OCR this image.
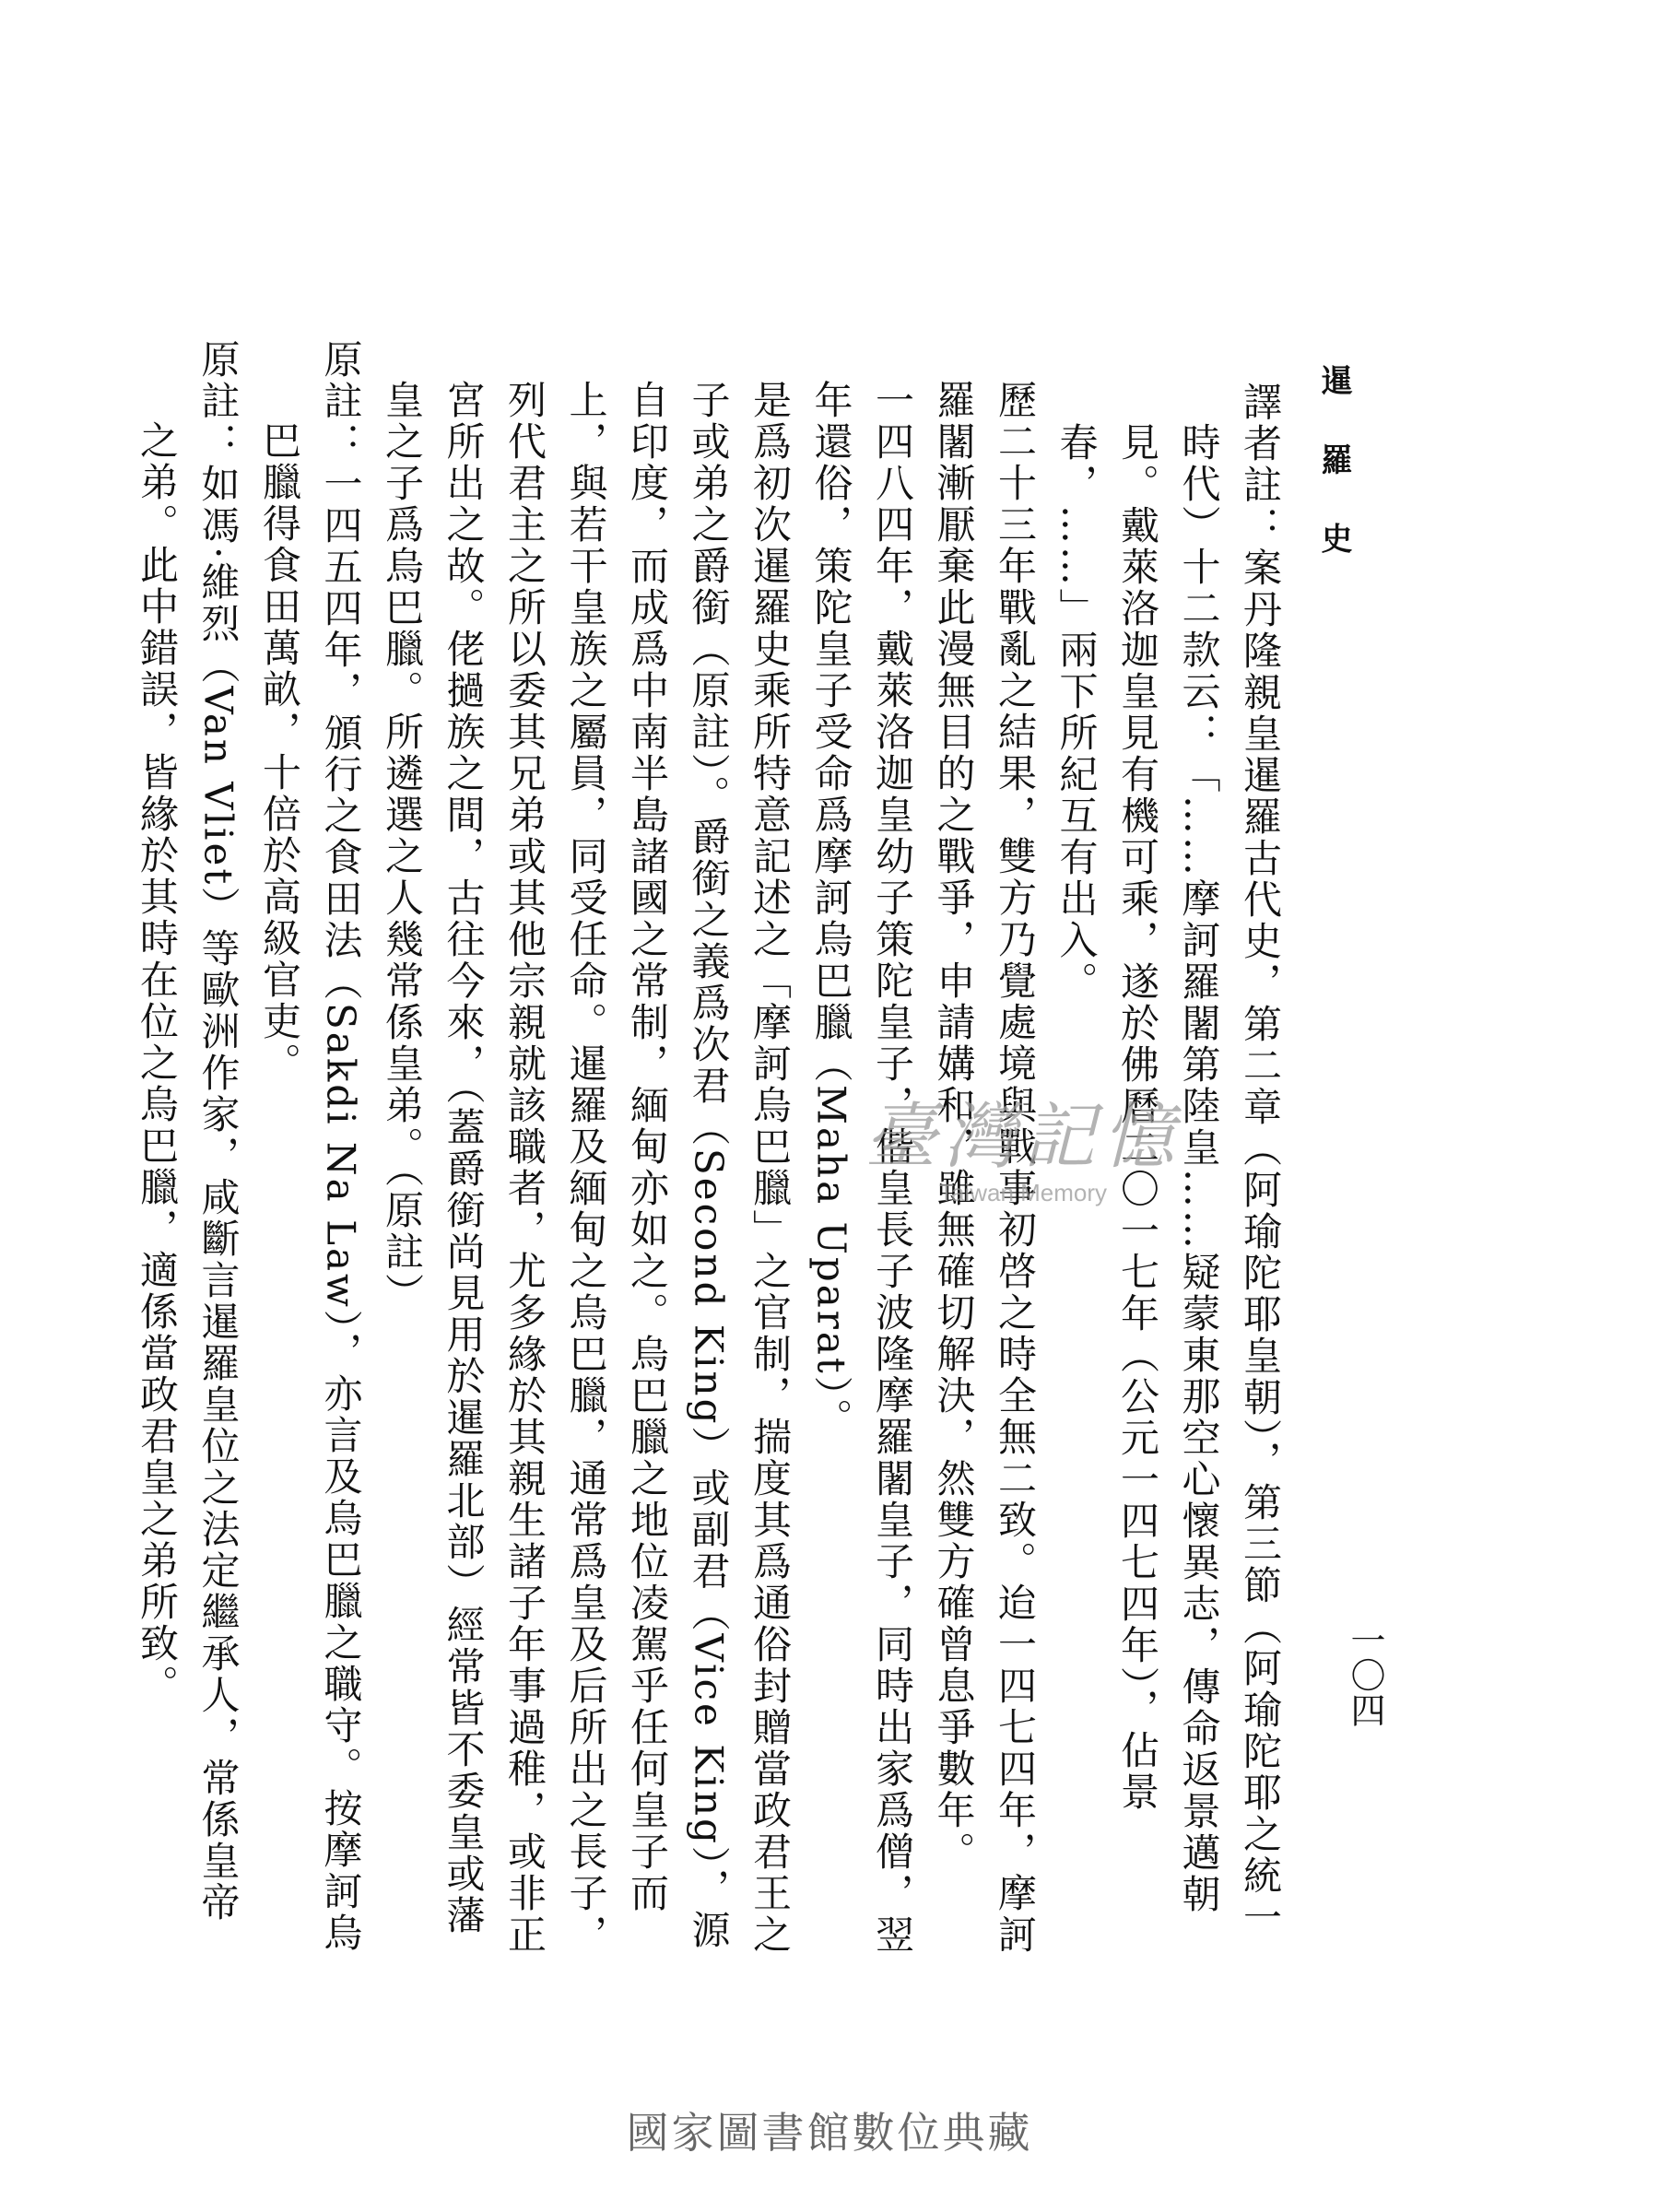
暹 羅 史
一〇四

譯者註：案丹隆親皇暹羅古代史，第二章（阿瑜陀耶皇朝），第三節（阿瑜陀耶之統一時代）十二款云：「……摩訶羅闍第陸皇……疑蒙東那空心懷異志，傳命返景邁朝見。戴萊洛迦皇見有機可乘，遂於佛曆二〇一七年（公元一四七四年），佔景春，……」兩下所紀互有出入。

歷二十三年戰亂之結果，雙方乃覺處境與戰事初啓之時全無二致。迨一四七四年，摩訶羅闍漸厭棄此漫無目的之戰爭，申請媾和，雖無確切解決，然雙方確曾息爭數年。

一四八四年，戴萊洛迦皇幼子策陀皇子，偕皇長子波隆摩羅闍皇子，同時出家爲僧，翌年還俗，策陀皇子受命爲摩訶烏巴臘（Maha Uparat）。

是爲初次暹羅史乘所特意記述之「摩訶烏巴臘」之官制，揣度其爲通俗封贈當政君王之子或弟之爵銜（原註）。爵銜之義爲次君（Second King）或副君（Vice King），源自印度，而成爲中南半島諸國之常制，緬甸亦如之。烏巴臘之地位凌駕乎任何皇子而上，與若干皇族之屬員，同受任命。暹羅及緬甸之烏巴臘，通常爲皇及后所出之長子，列代君主之所以委其兄弟或其他宗親就該職者，尤多緣於其親生諸子年事過稚，或非正宮所出之故。佬撾族之間，古往今來，（蓋爵銜尚見用於暹羅北部）經常皆不委皇或藩皇之子爲烏巴臘。所遴選之人幾常係皇弟。（原註）

原註：一四五四年，頒行之食田法（Sakdi Na Law），亦言及烏巴臘之職守。按摩訶烏巴臘得食田萬畝，十倍於高級官吏。

原註：如馮·維烈（Van Vliet）等歐洲作家，咸斷言暹羅皇位之法定繼承人，常係皇帝之弟。此中錯誤，皆緣於其時在位之烏巴臘，適係當政君皇之弟所致。	臺灣記憶
Taiwan Memory
國家圖書館數位典藏
